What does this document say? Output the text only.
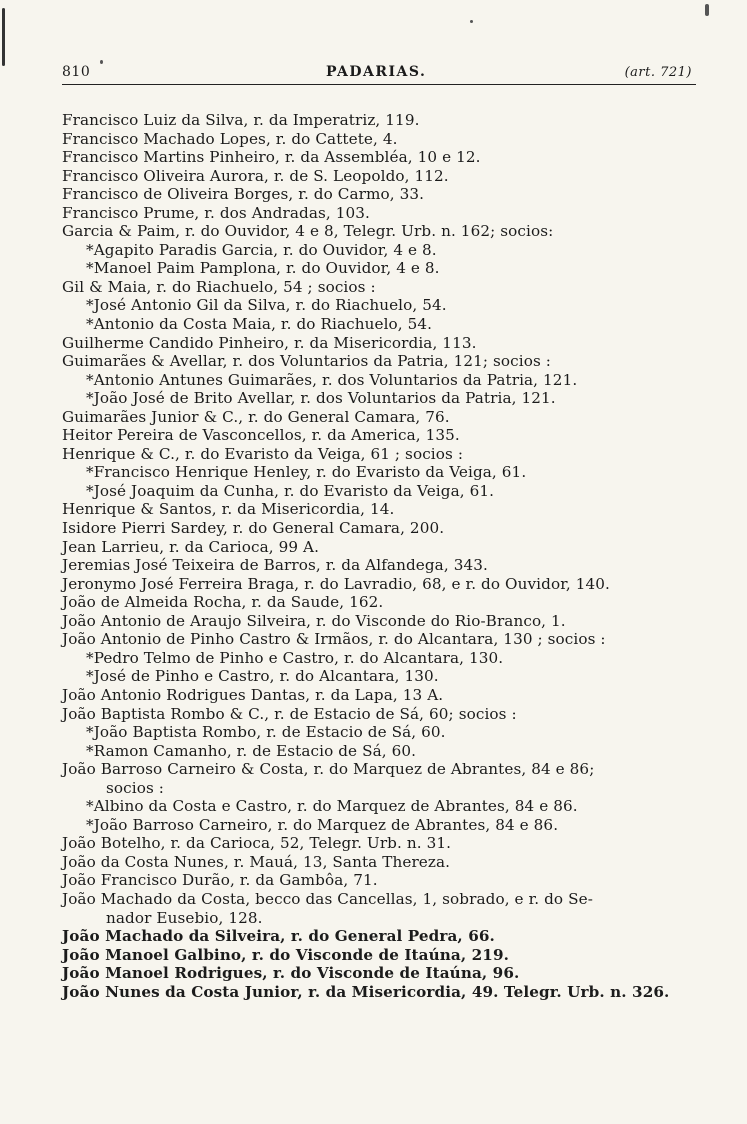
810	PADARIAS.	(art. 721)
Francisco Luiz da Silva, r. da Imperatriz, 119.
Francisco Machado Lopes, r. do Cattete, 4.
Francisco Martins Pinheiro, r. da Assembléa, 10 e 12.
Francisco Oliveira Aurora, r. de S. Leopoldo, 112.
Francisco de Oliveira Borges, r. do Carmo, 33.
Francisco Prume, r. dos Andradas, 103.
Garcia & Paim, r. do Ouvidor, 4 e 8, Telegr. Urb. n. 162; socios:
*Agapito Paradis Garcia, r. do Ouvidor, 4 e 8.
*Manoel Paim Pamplona, r. do Ouvidor, 4 e 8.
Gil & Maia, r. do Riachuelo, 54 ; socios :
*José Antonio Gil da Silva, r. do Riachuelo, 54.
*Antonio da Costa Maia, r. do Riachuelo, 54.
Guilherme Candido Pinheiro, r. da Misericordia, 113.
Guimarães & Avellar, r. dos Voluntarios da Patria, 121; socios :
*Antonio Antunes Guimarães, r. dos Voluntarios da Patria, 121.
*João José de Brito Avellar, r. dos Voluntarios da Patria, 121.
Guimarães Junior & C., r. do General Camara, 76.
Heitor Pereira de Vasconcellos, r. da America, 135.
Henrique & C., r. do Evaristo da Veiga, 61 ; socios :
*Francisco Henrique Henley, r. do Evaristo da Veiga, 61.
*José Joaquim da Cunha, r. do Evaristo da Veiga, 61.
Henrique & Santos, r. da Misericordia, 14.
Isidore Pierri Sardey, r. do General Camara, 200.
Jean Larrieu, r. da Carioca, 99 A.
Jeremias José Teixeira de Barros, r. da Alfandega, 343.
Jeronymo José Ferreira Braga, r. do Lavradio, 68, e r. do Ouvidor, 140.
João de Almeida Rocha, r. da Saude, 162.
João Antonio de Araujo Silveira, r. do Visconde do Rio-Branco, 1.
João Antonio de Pinho Castro & Irmãos, r. do Alcantara, 130 ; socios :
*Pedro Telmo de Pinho e Castro, r. do Alcantara, 130.
*José de Pinho e Castro, r. do Alcantara, 130.
João Antonio Rodrigues Dantas, r. da Lapa, 13 A.
João Baptista Rombo & C., r. de Estacio de Sá, 60; socios :
*João Baptista Rombo, r. de Estacio de Sá, 60.
*Ramon Camanho, r. de Estacio de Sá, 60.
João Barroso Carneiro & Costa, r. do Marquez de Abrantes, 84 e 86;
socios :
*Albino da Costa e Castro, r. do Marquez de Abrantes, 84 e 86.
*João Barroso Carneiro, r. do Marquez de Abrantes, 84 e 86.
João Botelho, r. da Carioca, 52, Telegr. Urb. n. 31.
João da Costa Nunes, r. Mauá, 13, Santa Thereza.
João Francisco Durão, r. da Gambôa, 71.
João Machado da Costa, becco das Cancellas, 1, sobrado, e r. do Se-
nador Eusebio, 128.
João Machado da Silveira, r. do General Pedra, 66.
João Manoel Galbino, r. do Visconde de Itaúna, 219.
João Manoel Rodrigues, r. do Visconde de Itaúna, 96.
João Nunes da Costa Junior, r. da Misericordia, 49. Telegr. Urb. n. 326.
